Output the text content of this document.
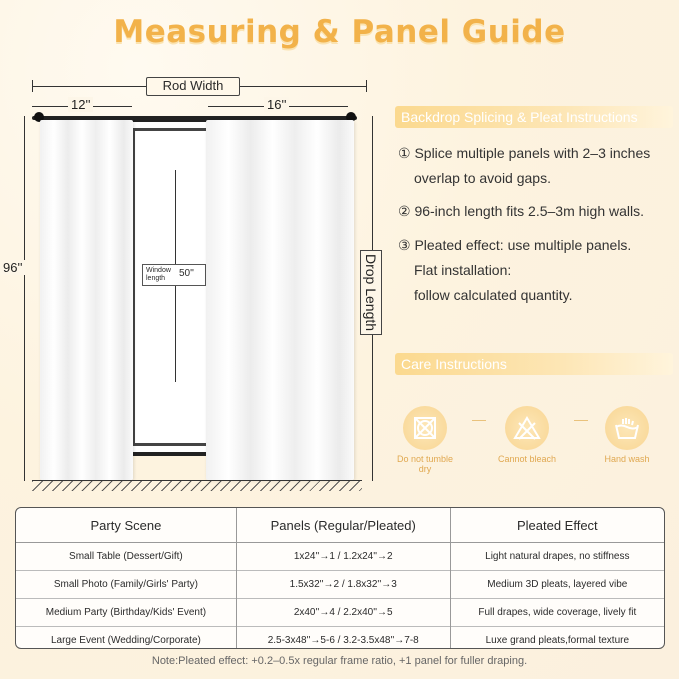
Measuring & Panel Guide
Rod Width
12''	16''
96''	Window length	50''	Drop Length
Backdrop Splicing & Pleat Instructions
① Splice multiple panels with 2–3 inches
overlap to avoid gaps.
② 96-inch length fits 2.5–3m high walls.
③ Pleated effect: use multiple panels.
Flat installation:
follow calculated quantity.
Care Instructions
Do not tumble dry
Cannot bleach	Hand wash
Party Scene	Panels (Regular/Pleated)	Pleated Effect
Small Table (Dessert/Gift)	1x24''→1 / 1.2x24''→2	Light natural drapes, no stiffness
Small Photo (Family/Girls' Party)	1.5x32''→2 / 1.8x32''→3	Medium 3D pleats, layered vibe
Medium Party (Birthday/Kids' Event)	2x40''→4 / 2.2x40''→5	Full drapes, wide coverage, lively fit
Large Event (Wedding/Corporate)	2.5-3x48''→5-6 / 3.2-3.5x48''→7-8	Luxe grand pleats,formal texture
Note:Pleated effect: +0.2–0.5x regular frame ratio, +1 panel for fuller draping.
